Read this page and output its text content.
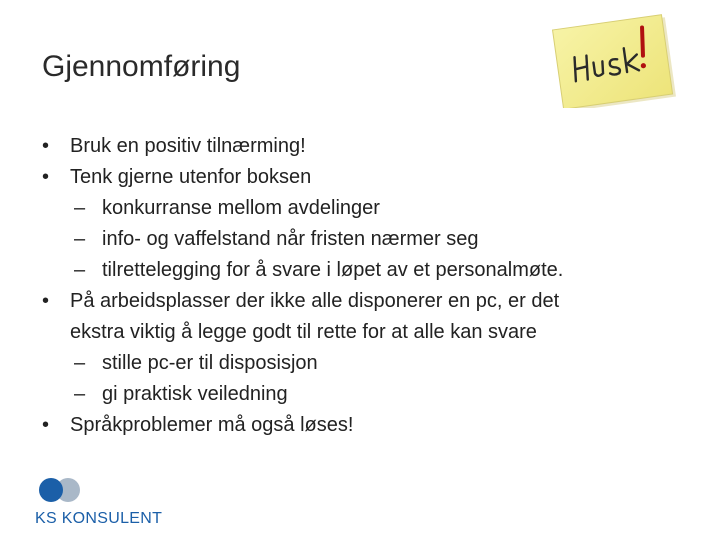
Gjennomføring
• Bruk en positiv tilnærming!
• Tenk gjerne utenfor boksen
– konkurranse mellom avdelinger
– info- og vaffelstand når fristen nærmer seg
– tilrettelegging for å svare i løpet av et personalmøte.
• På arbeidsplasser der ikke alle disponerer en pc, er det
ekstra viktig å legge godt til rette for at alle kan svare
– stille pc-er til disposisjon
– gi praktisk veiledning
• Språkproblemer må også løses!
KS KONSULENT
